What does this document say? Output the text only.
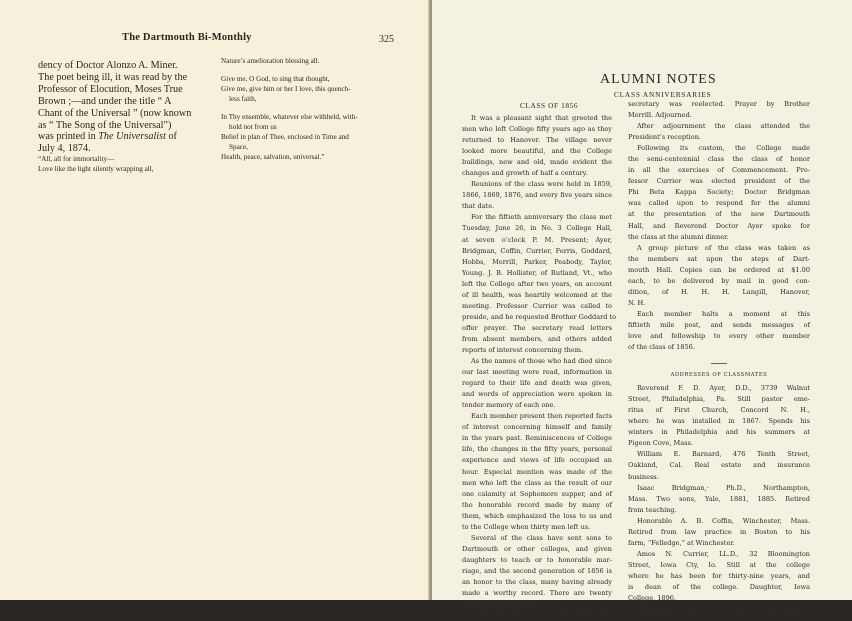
The Dartmouth Bi-Monthly	325
dency of Doctor Alonzo A. Miner.
The poet being ill, it was read by the
Professor of Elocution, Moses True
Brown ;—and under the title “ A
Chant of the Universal ” (now known
as “ The Song of the Universal”)
was printed in The Universalist of
July 4, 1874.
“All, all for immortality—
Love like the light silently wrapping all,
Nature’s amelioration blessing all.
Give me, O God, to sing that thought,
Give me, give him or her I love, this quench-
less faith,
In Thy ensemble, whatever else withheld, with-
hold not from us
Belief in plan of Thee, enclosed in Time and
Space,
Health, peace, salvation, universal.”
ALUMNI NOTES
CLASS ANNIVERSARIES
CLASS OF 1856
It was a pleasant sight that greeted the
men who left College fifty years ago as they
returned to Hanover. The village never
looked more beautiful, and the College
buildings, new and old, made evident the
changes and growth of half a century.
Reunions of the class were held in 1859,
1866, 1869, 1876, and every five years since
that date.
For the fiftieth anniversary the class met
Tuesday, June 26, in No. 3 College Hall,
at seven o’clock P. M. Present; Ayer,
Bridgman, Coffin, Currier, Ferris, Goddard,
Hobbs, Merrill, Parker, Peabody, Taylor,
Young. J. B. Hollister, of Rutland, Vt., who
left the College after two years, on account
of ill health, was heartily welcomed at the
meeting. Professor Currier was called to
preside, and he requested Brother Goddard to
offer prayer. The secretary read letters
from absent members, and others added
reports of interest concerning them.
As the names of those who had died since
our last meeting were read, information in
regard to their life and death was given,
and words of appreciation were spoken in
tender memory of each one.
Each member present then reported facts
of interest concerning himself and family
in the years past. Reminiscences of College
life, the changes in the fifty years, personal
experience and views of life occupied an
hour. Especial mention was made of the
men who left the class as the result of our
one calamity at Sophomore supper, and of
the honorable record made by many of
them, which emphasized the loss to us and
to the College when thirty men left us.
Several of the class have sent sons to
Dartmouth or other colleges, and given
daughters to teach or to honorable mar-
riage, and the second generation of 1856 is
an honor to the class, many having already
made a worthy record. There are twenty
graduates from college.
Voted, To meet again in five years. The
secretary was reelected. Prayer by Brother
Merrill. Adjourned.
After adjournment the class attended the
President’s reception.
Following its custom, the College made
the semi-centennial class the class of honor
in all the exercises of Commencement. Pro-
fessor Currier was elected president of the
Phi Beta Kappa Society; Doctor Bridgman
was called upon to respond for the alumni
at the presentation of the new Dartmouth
Hall, and Reverend Doctor Ayer spoke for
the class at the alumni dinner.
A group picture of the class was taken as
the members sat upon the steps of Dart-
mouth Hall. Copies can be ordered at $1.00
each, to be delivered by mail in good con-
dition, of H. H. H. Langill, Hanover,
N. H.
Each member halts a moment at this
fiftieth mile post, and sends messages of
love and fellowship to every other member
of the class of 1856.
ADDRESSES OF CLASSMATES
Reverend F. D. Ayer, D.D., 3739 Walnut
Street, Philadelphia, Pa. Still pastor eme-
ritus of First Church, Concord N. H.,
where he was installed in 1867. Spends his
winters in Philadelphia and his summers at
Pigeon Cove, Mass.
William E. Barnard, 476 Tenth Street,
Oakland, Cal. Real estate and insurance
business.
Isaac Bridgman,· Ph.D., Northampton,
Mass. Two sons, Yale, 1881, 1885. Retired
from teaching.
Honorable A. B. Coffin, Winchester, Mass.
Retired from law practice in Boston to his
farm, “Felledge,” at Winchester.
Amos N. Currier, LL.D., 32 Bloomington
Street, Iowa Cty, Io. Still at the college
where he has been for thirty-nine years, and
is dean of the college. Daughter, Iowa
College, 1896.
Reverend Calvin Cutler, Auburndale,
